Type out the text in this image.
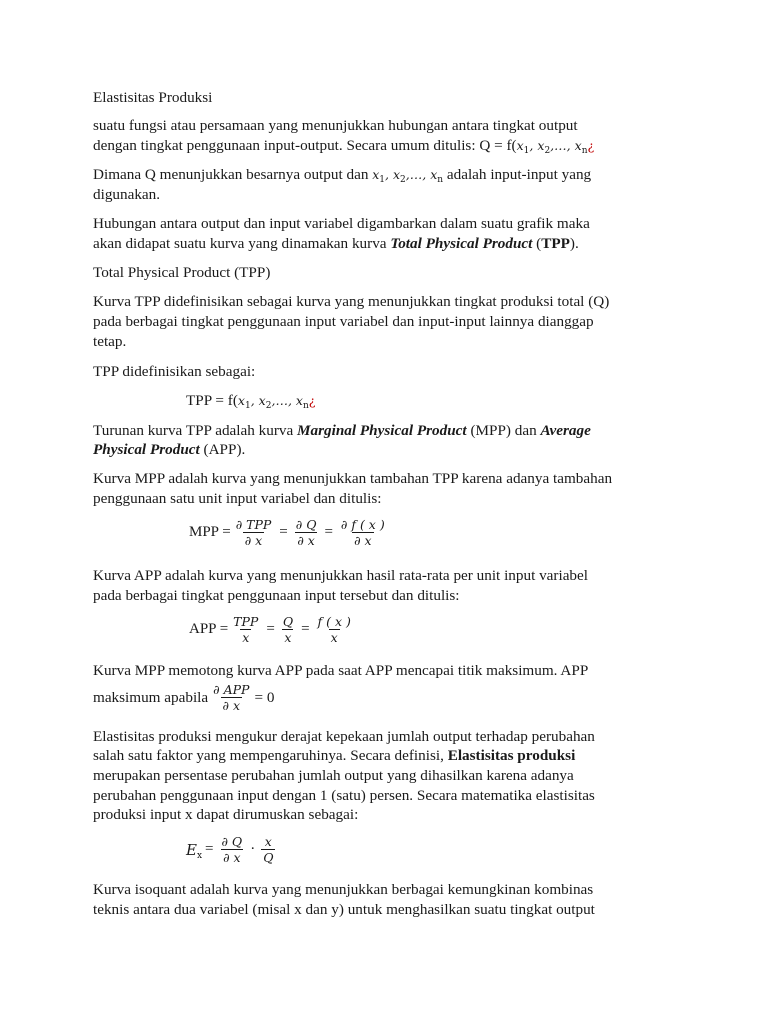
Elastisitas Produksi
suatu fungsi atau persamaan yang menunjukkan hubungan antara tingkat output
dengan tingkat penggunaan input-output. Secara umum ditulis: $Q = f(x_1$, $x_2,\dots$, $x_n¿$
Dimana Q menunjukkan besarnya output dan $x_1$, $x_2,\dots$, $x_n$ adalah input-input yang
digunakan.
Hubungan antara output dan input variabel digambarkan dalam suatu grafik maka
akan didapat suatu kurva yang dinamakan kurva Total Physical Product (TPP).
Total Physical Product (TPP)
Kurva TPP didefinisikan sebagai kurva yang menunjukkan tingkat produksi total (Q)
pada berbagai tingkat penggunaan input variabel dan input-input lainnya dianggap
tetap.
TPP didefinisikan sebagai:
TPP = $f(x_1$, $x_2,\dots$, $x_n¿$
Turunan kurva TPP adalah kurva Marginal Physical Product (MPP) dan Average
Physical Product (APP).
Kurva MPP adalah kurva yang menunjukkan tambahan TPP karena adanya tambahan
penggunaan satu unit input variabel dan ditulis:
MPP = $\frac{\text{∂ TPP}}{\partial x} = \frac{\partial Q}{\partial x} = \frac{\partial f ( x )}{\partial x}$
Kurva APP adalah kurva yang menunjukkan hasil rata-rata per unit input variabel
pada berbagai tingkat penggunaan input tersebut dan ditulis:
APP = $\frac{\text{TPP}}{x} = \frac{Q}{x} = \frac{f ( x )}{x}$
Kurva MPP memotong kurva APP pada saat APP mencapai titik maksimum. APP
maksimum apabila $\frac{\text{∂ APP}}{\partial x} = 0$
Elastisitas produksi mengukur derajat kepekaan jumlah output terhadap perubahan
salah satu faktor yang mempengaruhinya. Secara definisi, Elastisitas produksi
merupakan persentase perubahan jumlah output yang dihasilkan karena adanya
perubahan penggunaan input dengan 1 (satu) persen. Secara matematika elastisitas
produksi input x dapat dirumuskan sebagai:
$E_x = \frac{\partial Q}{\partial x} \cdot \frac{x}{Q}$
Kurva isoquant adalah kurva yang menunjukkan berbagai kemungkinan kombinas
teknis antara dua variabel (misal x dan y) untuk menghasilkan suatu tingkat output
